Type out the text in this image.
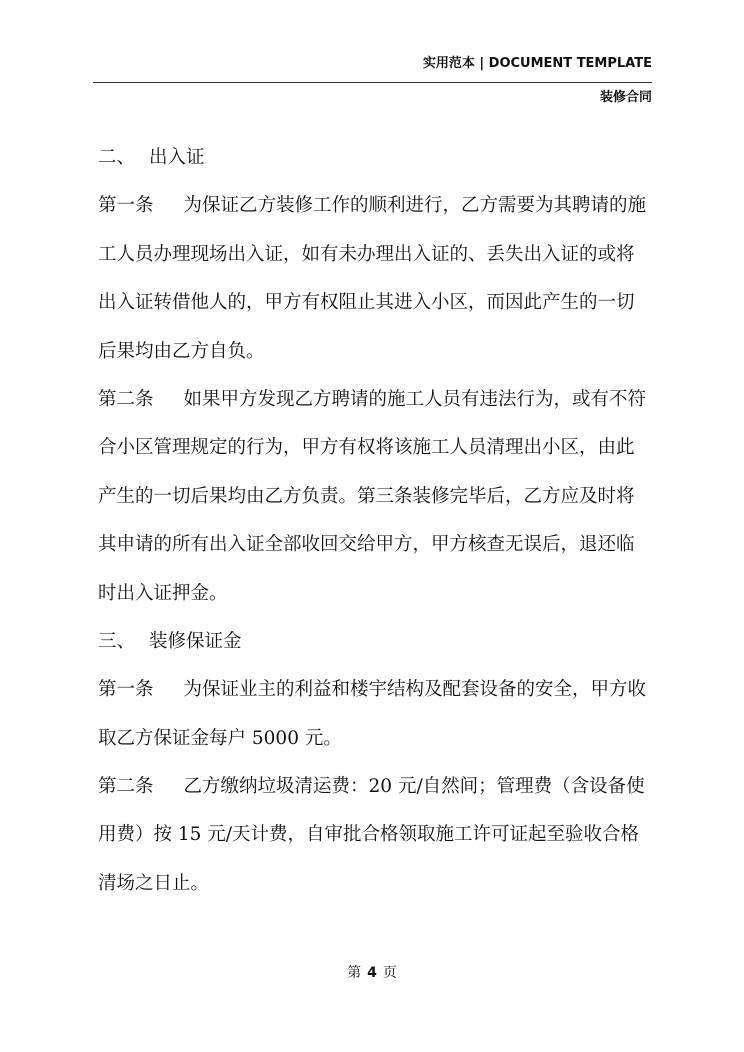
实用范本 | DOCUMENT TEMPLATE
装修合同
二、 出入证
第一条 为保证乙方装修工作的顺利进行，乙方需要为其聘请的施
工人员办理现场出入证，如有未办理出入证的、丢失出入证的或将
出入证转借他人的，甲方有权阻止其进入小区，而因此产生的一切
后果均由乙方自负。
第二条 如果甲方发现乙方聘请的施工人员有违法行为，或有不符
合小区管理规定的行为，甲方有权将该施工人员清理出小区，由此
产生的一切后果均由乙方负责。第三条装修完毕后，乙方应及时将
其申请的所有出入证全部收回交给甲方，甲方核查无误后，退还临
时出入证押金。
三、 装修保证金
第一条 为保证业主的利益和楼宇结构及配套设备的安全，甲方收
取乙方保证金每户 5000 元。
第二条 乙方缴纳垃圾清运费：20 元/自然间；管理费（含设备使
用费）按 15 元/天计费，自审批合格领取施工许可证起至验收合格
清场之日止。
第 4 页
